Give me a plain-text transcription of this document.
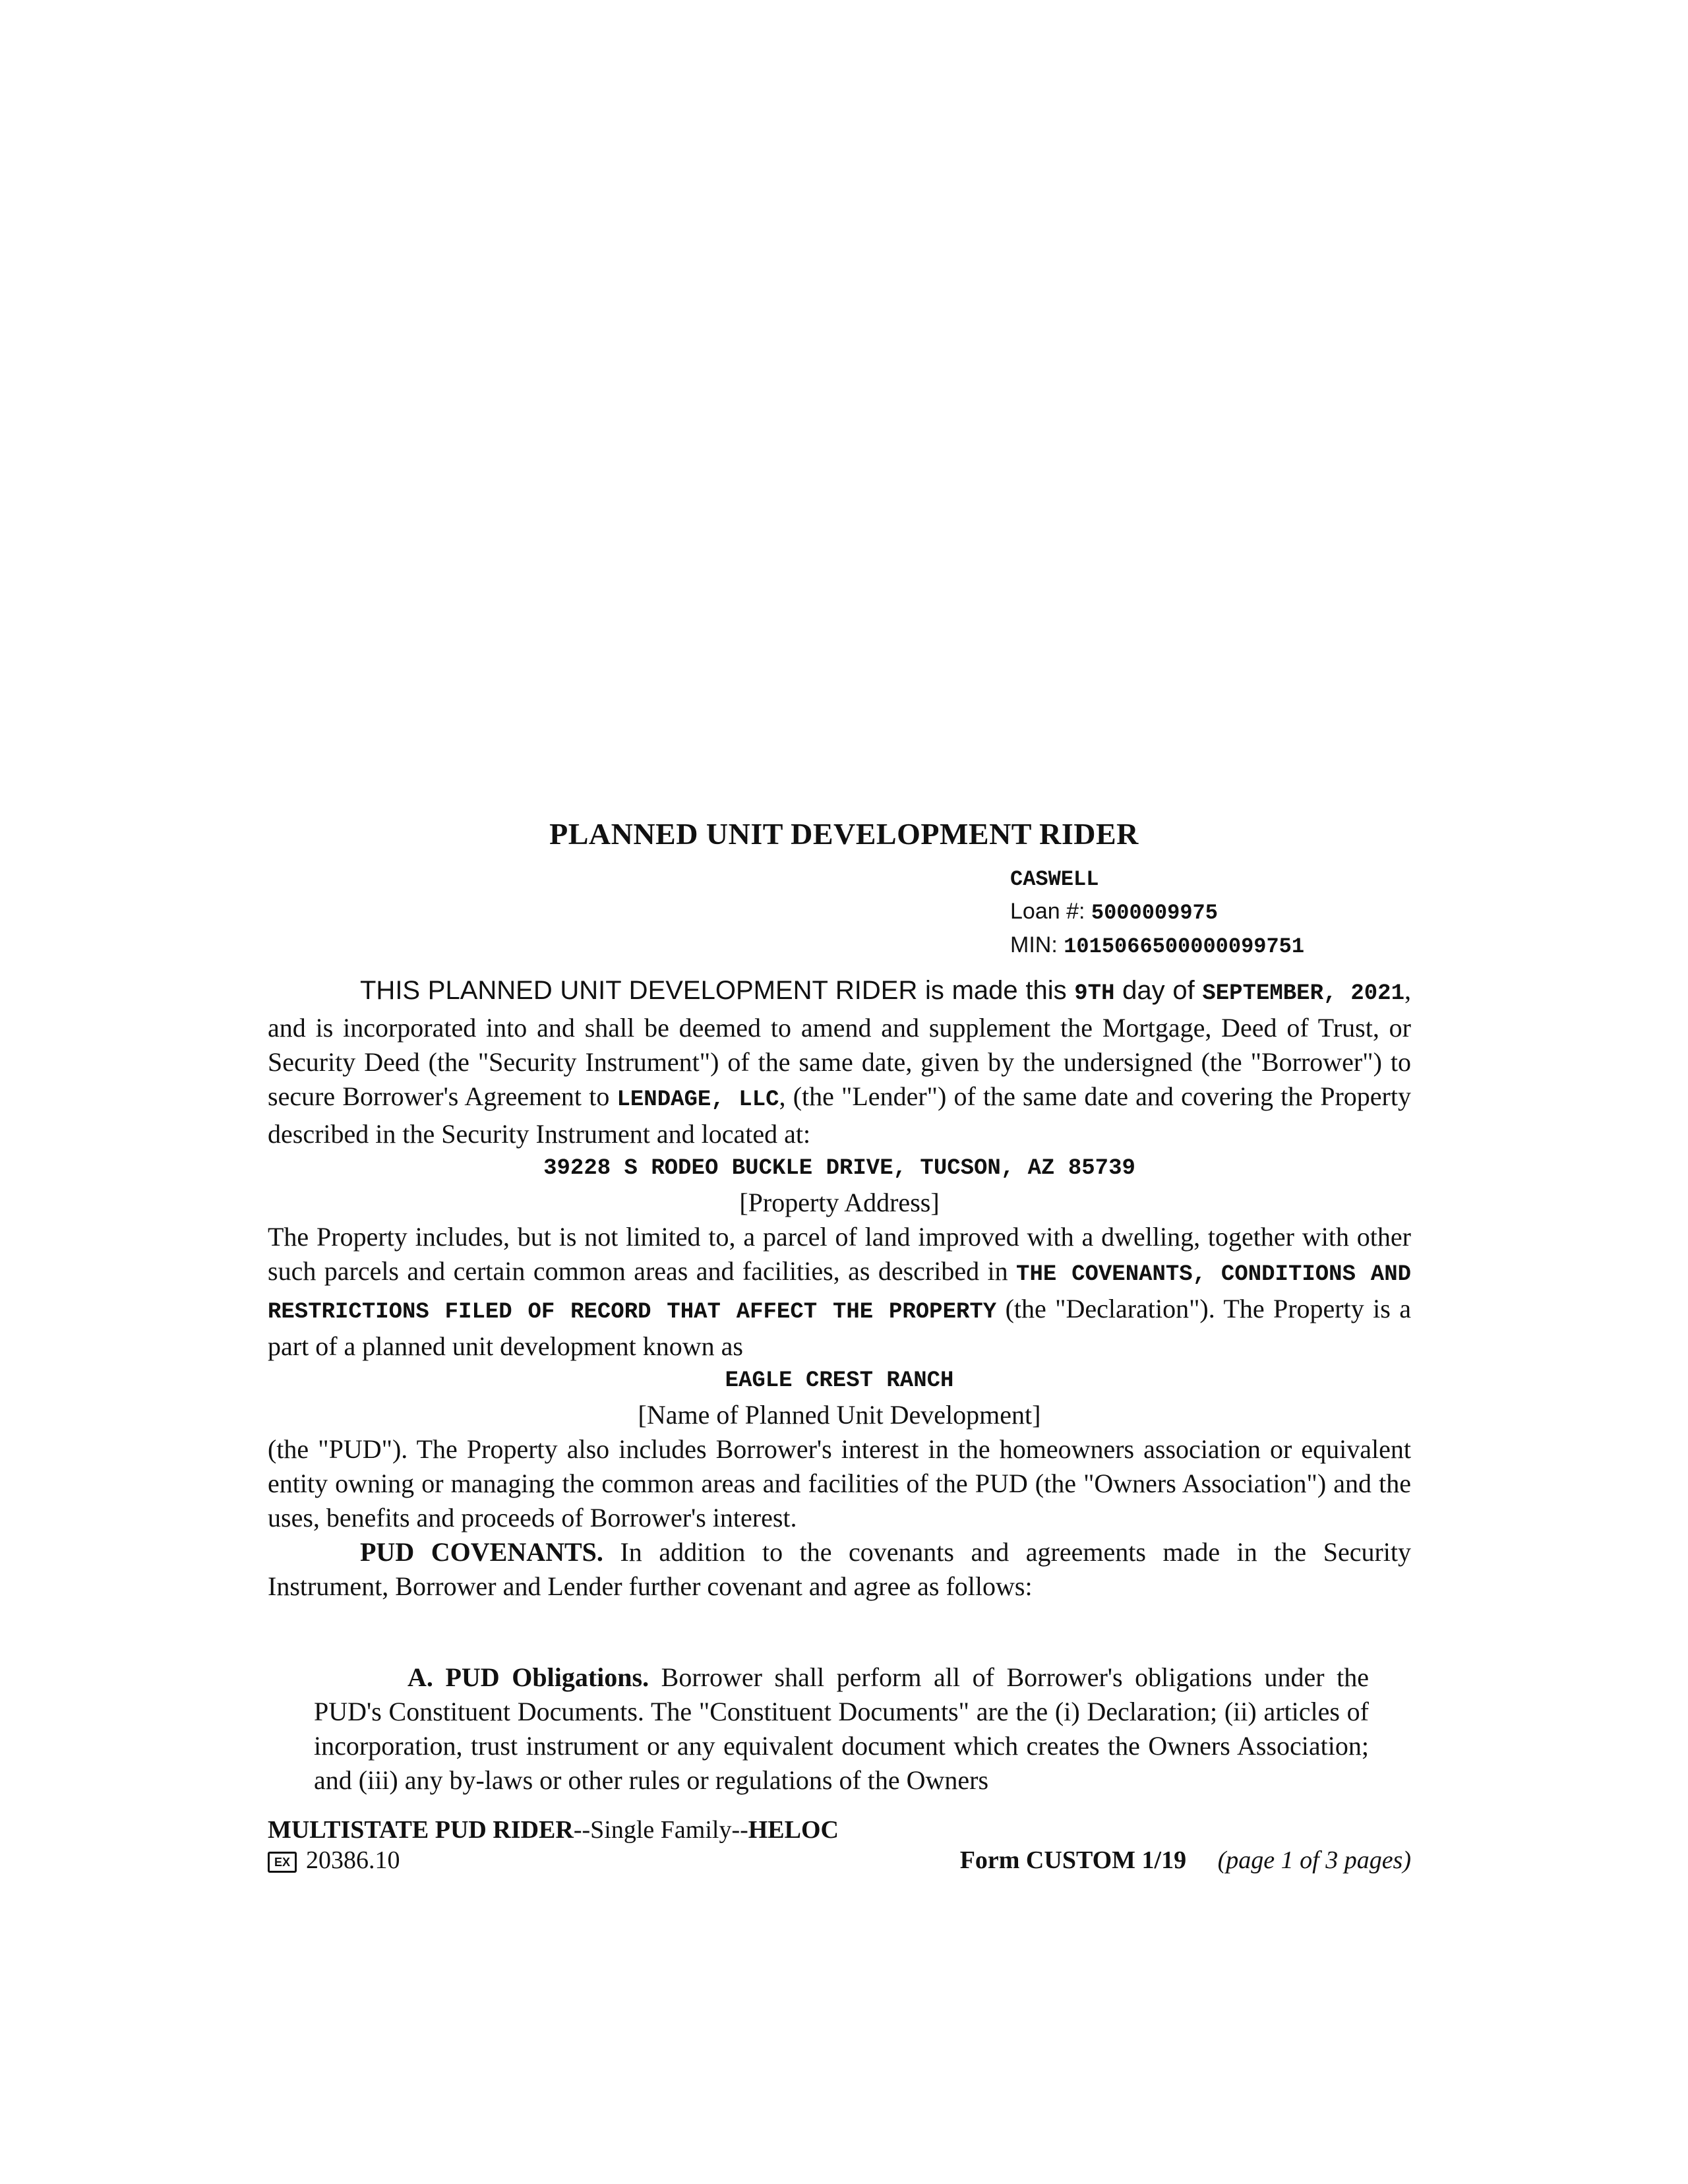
PLANNED UNIT DEVELOPMENT RIDER
CASWELL
Loan #: 5000009975
MIN: 1015066500000099751

THIS PLANNED UNIT DEVELOPMENT RIDER is made this 9TH day of SEPTEMBER, 2021, and is incorporated into and shall be deemed to amend and supplement the Mortgage, Deed of Trust, or Security Deed (the "Security Instrument") of the same date, given by the undersigned (the "Borrower") to secure Borrower's Agreement to LENDAGE, LLC, (the "Lender") of the same date and covering the Property described in the Security Instrument and located at:

39228 S RODEO BUCKLE DRIVE, TUCSON, AZ 85739

[Property Address]

The Property includes, but is not limited to, a parcel of land improved with a dwelling, together with other such parcels and certain common areas and facilities, as described in THE COVENANTS, CONDITIONS AND RESTRICTIONS FILED OF RECORD THAT AFFECT THE PROPERTY (the "Declaration"). The Property is a part of a planned unit development known as

EAGLE CREST RANCH

[Name of Planned Unit Development]

(the "PUD"). The Property also includes Borrower's interest in the homeowners association or equivalent entity owning or managing the common areas and facilities of the PUD (the "Owners Association") and the uses, benefits and proceeds of Borrower's interest.

PUD COVENANTS. In addition to the covenants and agreements made in the Security Instrument, Borrower and Lender further covenant and agree as follows:

A. PUD Obligations. Borrower shall perform all of Borrower's obligations under the PUD's Constituent Documents. The "Constituent Documents" are the (i) Declaration; (ii) articles of incorporation, trust instrument or any equivalent document which creates the Owners Association; and (iii) any by-laws or other rules or regulations of the Owners

MULTISTATE PUD RIDER--Single Family--HELOC
EX 20386.10	Form CUSTOM 1/19 (page 1 of 3 pages)
